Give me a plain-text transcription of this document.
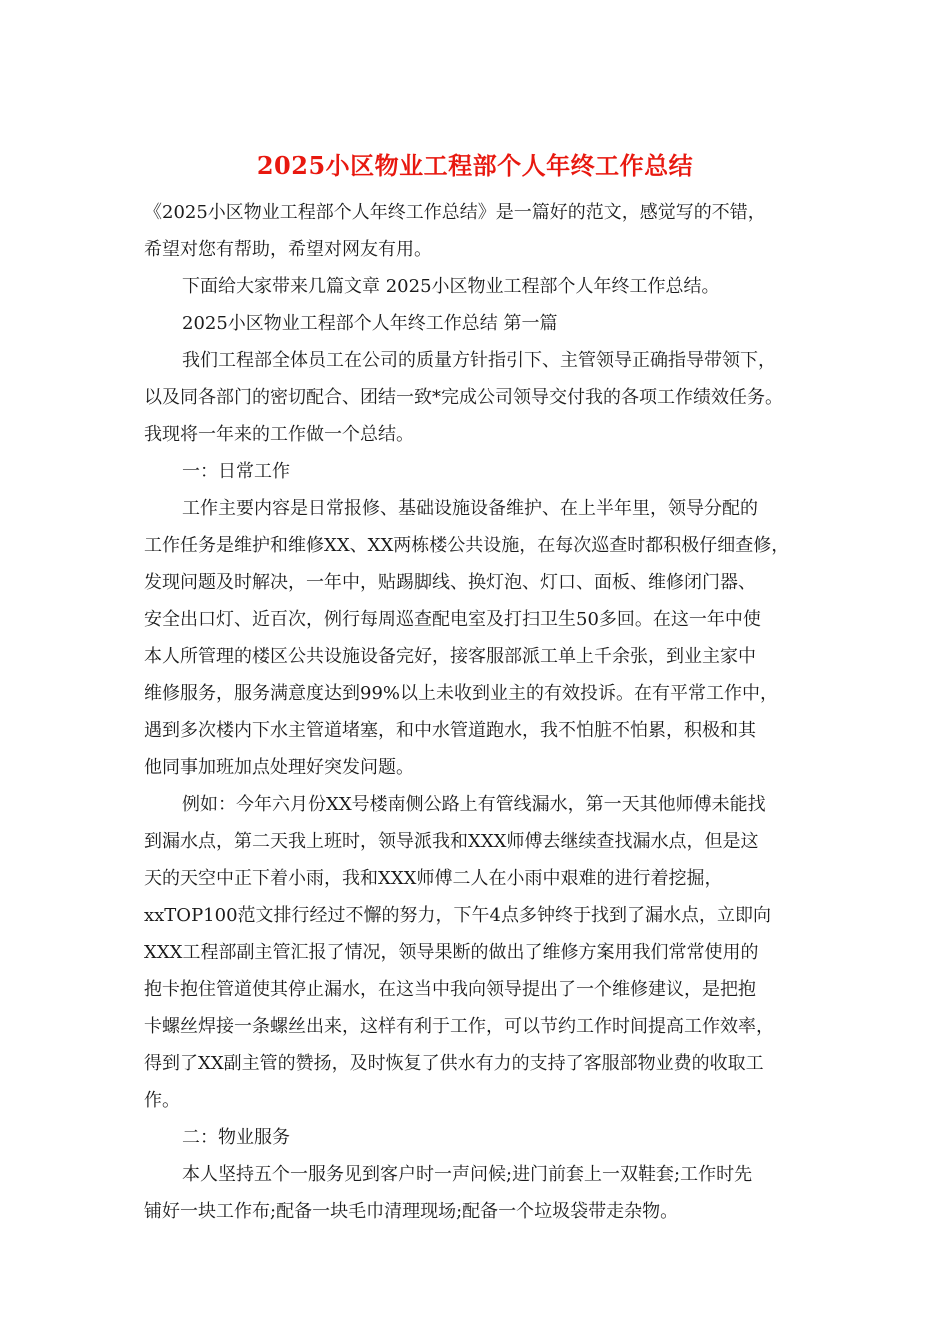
2025小区物业工程部个人年终工作总结
《2025小区物业工程部个人年终工作总结》是一篇好的范文，感觉写的不错，
希望对您有帮助，希望对网友有用。
下面给大家带来几篇文章 2025小区物业工程部个人年终工作总结。
2025小区物业工程部个人年终工作总结 第一篇
我们工程部全体员工在公司的质量方针指引下、主管领导正确指导带领下，
以及同各部门的密切配合、团结一致*完成公司领导交付我的各项工作绩效任务。
我现将一年来的工作做一个总结。
一：日常工作
工作主要内容是日常报修、基础设施设备维护、在上半年里，领导分配的
工作任务是维护和维修XX、XX两栋楼公共设施，在每次巡查时都积极仔细查修，
发现问题及时解决，一年中，贴踢脚线、换灯泡、灯口、面板、维修闭门器、
安全出口灯、近百次，例行每周巡查配电室及打扫卫生50多回。在这一年中使
本人所管理的楼区公共设施设备完好，接客服部派工单上千余张，到业主家中
维修服务，服务满意度达到99%以上未收到业主的有效投诉。在有平常工作中，
遇到多次楼内下水主管道堵塞，和中水管道跑水，我不怕脏不怕累，积极和其
他同事加班加点处理好突发问题。
例如：今年六月份XX号楼南侧公路上有管线漏水，第一天其他师傅未能找
到漏水点，第二天我上班时，领导派我和XXX师傅去继续查找漏水点，但是这
天的天空中正下着小雨，我和XXX师傅二人在小雨中艰难的进行着挖掘，
xxTOP100范文排行经过不懈的努力，下午4点多钟终于找到了漏水点，立即向
XXX工程部副主管汇报了情况，领导果断的做出了维修方案用我们常常使用的
抱卡抱住管道使其停止漏水，在这当中我向领导提出了一个维修建议，是把抱
卡螺丝焊接一条螺丝出来，这样有利于工作，可以节约工作时间提高工作效率，
得到了XX副主管的赞扬，及时恢复了供水有力的支持了客服部物业费的收取工
作。
二：物业服务
本人坚持五个一服务见到客户时一声问候;进门前套上一双鞋套;工作时先
铺好一块工作布;配备一块毛巾清理现场;配备一个垃圾袋带走杂物。
